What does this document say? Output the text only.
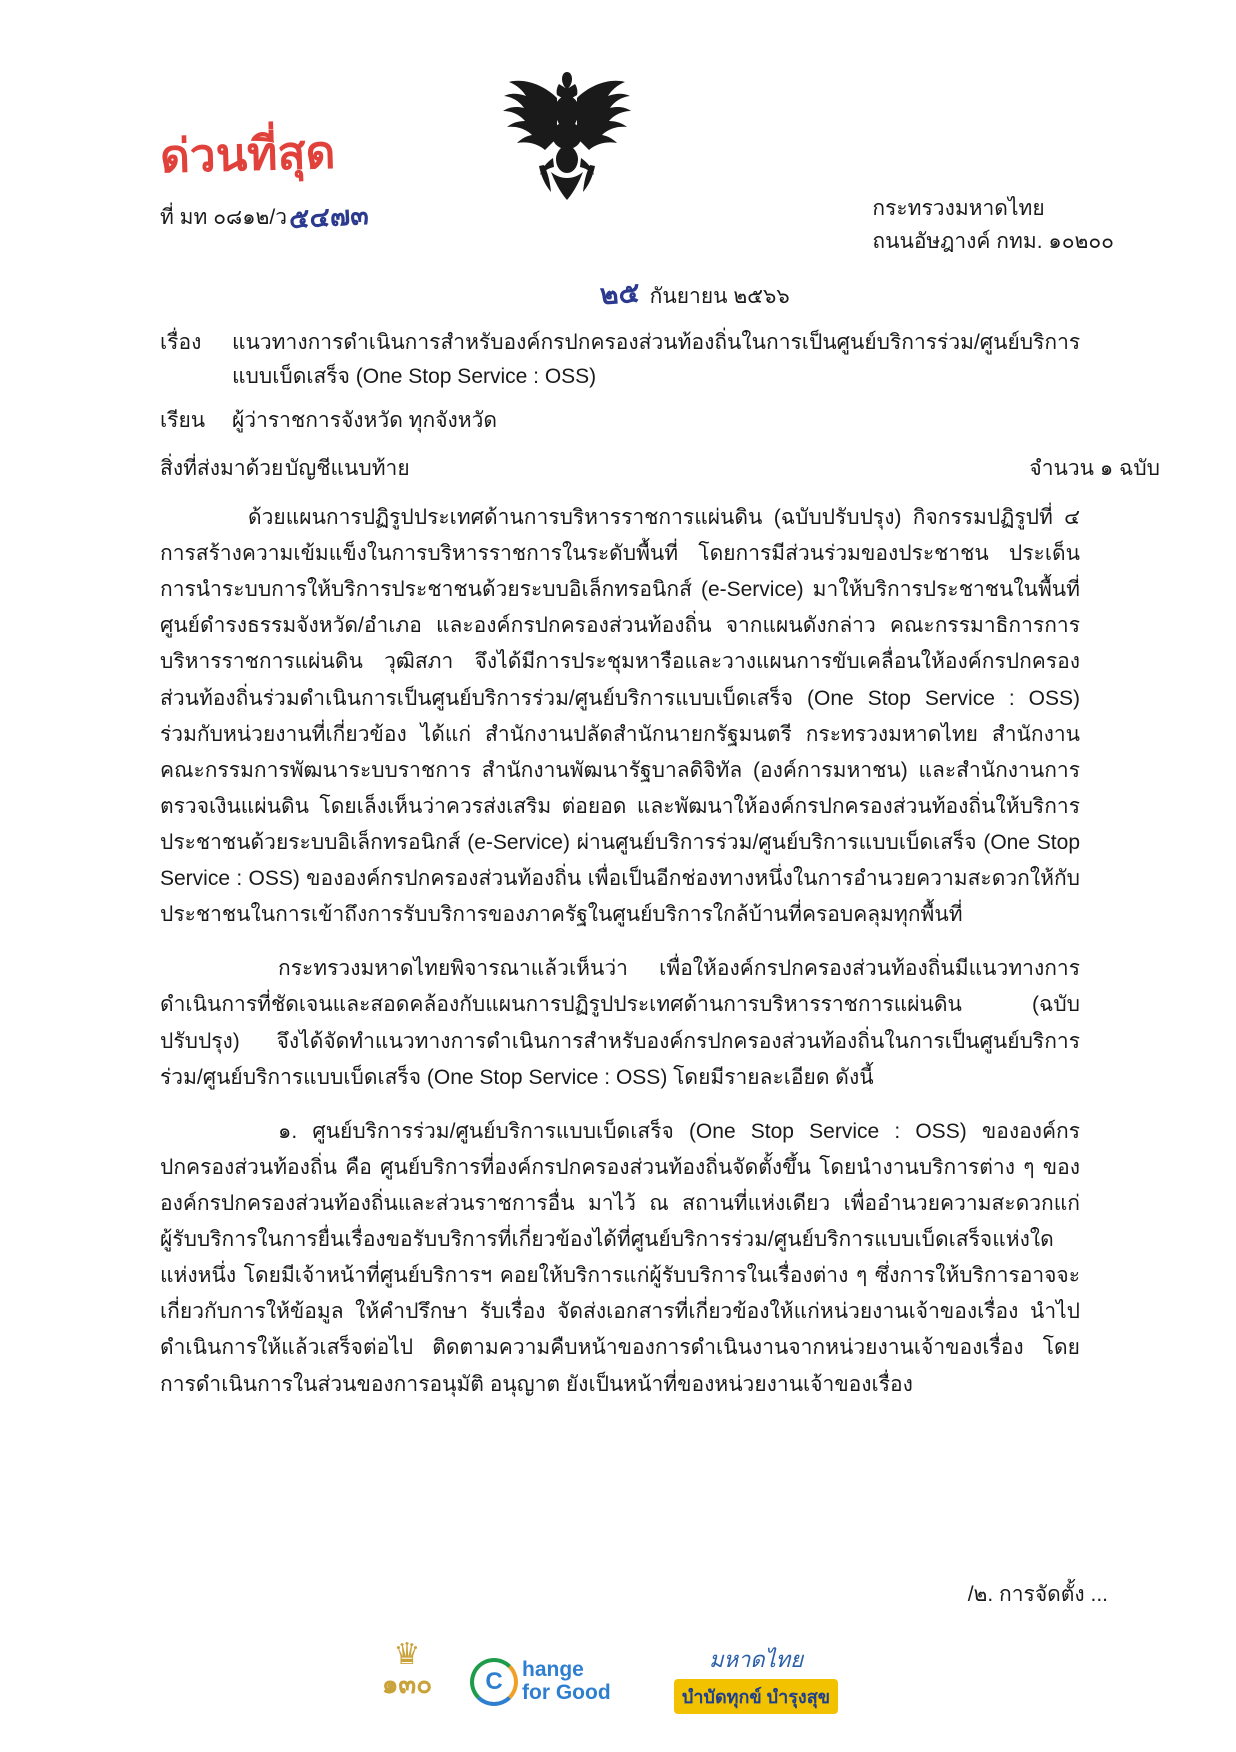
ด่วนที่สุด
ที่ มท ๐๘๑๒/ว๕๔๗๓	กระทรวงมหาดไทย
ถนนอัษฎางค์ กทม. ๑๐๒๐๐
๒๕ กันยายน ๒๕๖๖
เรื่อง แนวทางการดำเนินการสำหรับองค์กรปกครองส่วนท้องถิ่นในการเป็นศูนย์บริการร่วม/ศูนย์บริการ
แบบเบ็ดเสร็จ (One Stop Service : OSS)
เรียน ผู้ว่าราชการจังหวัด ทุกจังหวัด
สิ่งที่ส่งมาด้วยบัญชีแนบท้าย	จำนวน ๑ ฉบับ

ด้วยแผนการปฏิรูปประเทศด้านการบริหารราชการแผ่นดิน (ฉบับปรับปรุง) กิจกรรมปฏิรูปที่ ๔ การสร้างความเข้มแข็งในการบริหารราชการในระดับพื้นที่ โดยการมีส่วนร่วมของประชาชน ประเด็นการนำระบบการให้บริการประชาชนด้วยระบบอิเล็กทรอนิกส์ (e-Service) มาให้บริการประชาชนในพื้นที่ศูนย์ดำรงธรรมจังหวัด/อำเภอ และองค์กรปกครองส่วนท้องถิ่น จากแผนดังกล่าว คณะกรรมาธิการการบริหารราชการแผ่นดิน วุฒิสภา จึงได้มีการประชุมหารือและวางแผนการขับเคลื่อนให้องค์กรปกครองส่วนท้องถิ่นร่วมดำเนินการเป็นศูนย์บริการร่วม/ศูนย์บริการแบบเบ็ดเสร็จ (One Stop Service : OSS) ร่วมกับหน่วยงานที่เกี่ยวข้อง ได้แก่ สำนักงานปลัดสำนักนายกรัฐมนตรี กระทรวงมหาดไทย สำนักงานคณะกรรมการพัฒนาระบบราชการ สำนักงานพัฒนารัฐบาลดิจิทัล (องค์การมหาชน) และสำนักงานการตรวจเงินแผ่นดิน โดยเล็งเห็นว่าควรส่งเสริม ต่อยอด และพัฒนาให้องค์กรปกครองส่วนท้องถิ่นให้บริการประชาชนด้วยระบบอิเล็กทรอนิกส์ (e-Service) ผ่านศูนย์บริการร่วม/ศูนย์บริการแบบเบ็ดเสร็จ (One Stop Service : OSS) ขององค์กรปกครองส่วนท้องถิ่น เพื่อเป็นอีกช่องทางหนึ่งในการอำนวยความสะดวกให้กับประชาชนในการเข้าถึงการรับบริการของภาครัฐในศูนย์บริการใกล้บ้านที่ครอบคลุมทุกพื้นที่

กระทรวงมหาดไทยพิจารณาแล้วเห็นว่า เพื่อให้องค์กรปกครองส่วนท้องถิ่นมีแนวทางการดำเนินการที่ชัดเจนและสอดคล้องกับแผนการปฏิรูปประเทศด้านการบริหารราชการแผ่นดิน (ฉบับปรับปรุง) จึงได้จัดทำแนวทางการดำเนินการสำหรับองค์กรปกครองส่วนท้องถิ่นในการเป็นศูนย์บริการร่วม/ศูนย์บริการแบบเบ็ดเสร็จ (One Stop Service : OSS) โดยมีรายละเอียด ดังนี้

๑. ศูนย์บริการร่วม/ศูนย์บริการแบบเบ็ดเสร็จ (One Stop Service : OSS) ขององค์กรปกครองส่วนท้องถิ่น คือ ศูนย์บริการที่องค์กรปกครองส่วนท้องถิ่นจัดตั้งขึ้น โดยนำงานบริการต่าง ๆ ขององค์กรปกครองส่วนท้องถิ่นและส่วนราชการอื่น มาไว้ ณ สถานที่แห่งเดียว เพื่ออำนวยความสะดวกแก่ผู้รับบริการในการยื่นเรื่องขอรับบริการที่เกี่ยวข้องได้ที่ศูนย์บริการร่วม/ศูนย์บริการแบบเบ็ดเสร็จแห่งใดแห่งหนึ่ง โดยมีเจ้าหน้าที่ศูนย์บริการฯ คอยให้บริการแก่ผู้รับบริการในเรื่องต่าง ๆ ซึ่งการให้บริการอาจจะเกี่ยวกับการให้ข้อมูล ให้คำปรึกษา รับเรื่อง จัดส่งเอกสารที่เกี่ยวข้องให้แก่หน่วยงานเจ้าของเรื่อง นำไปดำเนินการให้แล้วเสร็จต่อไป ติดตามความคืบหน้าของการดำเนินงานจากหน่วยงานเจ้าของเรื่อง โดยการดำเนินการในส่วนของการอนุมัติ อนุญาต ยังเป็นหน้าที่ของหน่วยงานเจ้าของเรื่อง

/๒. การจัดตั้ง ...
♛
๑๓๐	C hange
for Good
มหาดไทย
บำบัดทุกข์ บำรุงสุข
